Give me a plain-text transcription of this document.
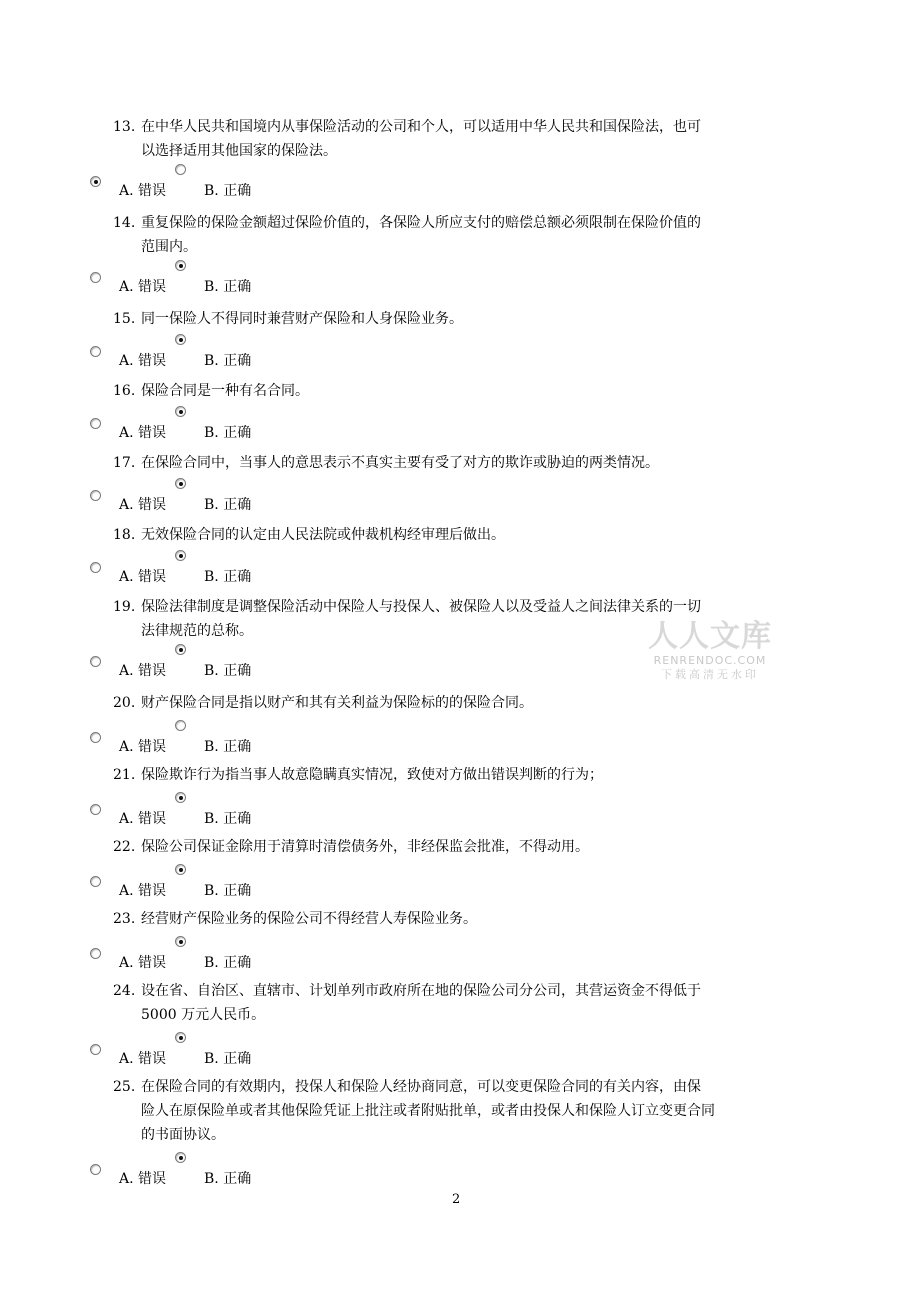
13. 在中华人民共和国境内从事保险活动的公司和个人，可以适用中华人民共和国保险法，也可

以选择适用其他国家的保险法。

A. 错误	B. 正确
14. 重复保险的保险金额超过保险价值的，各保险人所应支付的赔偿总额必须限制在保险价值的

范围内。

A. 错误	B. 正确
15. 同一保险人不得同时兼营财产保险和人身保险业务。

A. 错误	B. 正确
16. 保险合同是一种有名合同。

A. 错误	B. 正确
17. 在保险合同中，当事人的意思表示不真实主要有受了对方的欺诈或胁迫的两类情况。

A. 错误	B. 正确
18. 无效保险合同的认定由人民法院或仲裁机构经审理后做出。

A. 错误	B. 正确
19. 保险法律制度是调整保险活动中保险人与投保人、被保险人以及受益人之间法律关系的一切

法律规范的总称。

A. 错误	B. 正确
20. 财产保险合同是指以财产和其有关利益为保险标的的保险合同。

A. 错误	B. 正确
21. 保险欺诈行为指当事人故意隐瞒真实情况，致使对方做出错误判断的行为；

A. 错误	B. 正确
22. 保险公司保证金除用于清算时清偿债务外，非经保监会批准，不得动用。

A. 错误	B. 正确
23. 经营财产保险业务的保险公司不得经营人寿保险业务。

A. 错误	B. 正确
24. 设在省、自治区、直辖市、计划单列市政府所在地的保险公司分公司，其营运资金不得低于

5000 万元人民币。

A. 错误	B. 正确
25. 在保险合同的有效期内，投保人和保险人经协商同意，可以变更保险合同的有关内容，由保

险人在原保险单或者其他保险凭证上批注或者附贴批单，或者由投保人和保险人订立变更合同

的书面协议。

A. 错误	B. 正确
人人文库
RENRENDOC.COM
下载高清无水印
2
